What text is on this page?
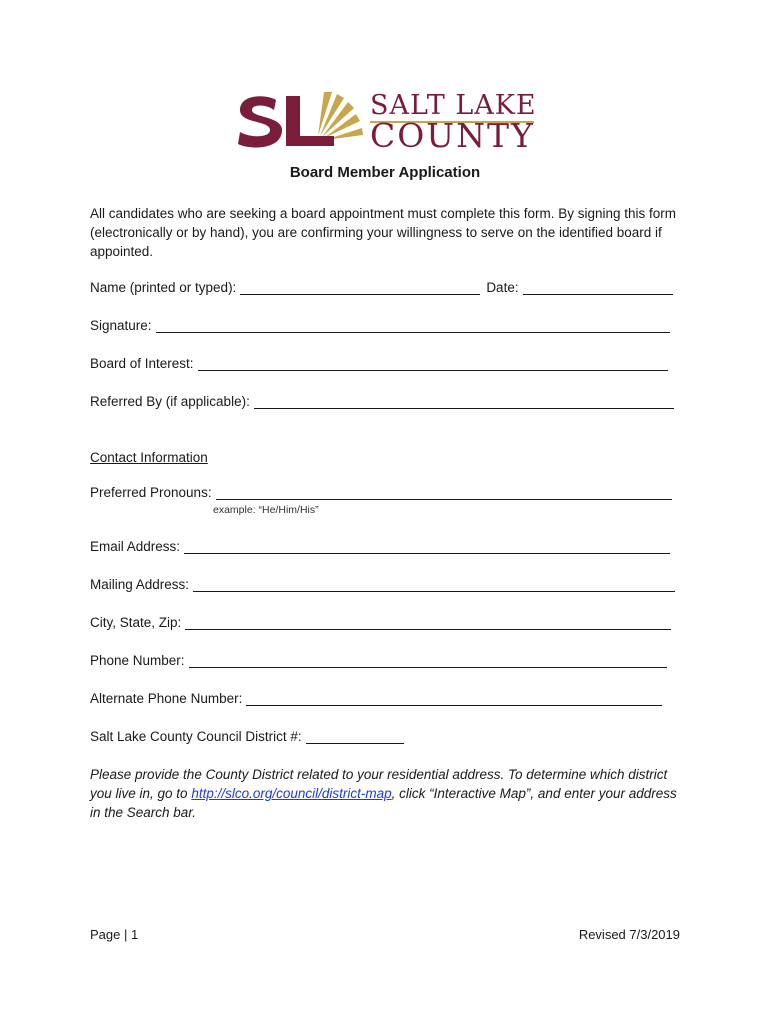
SALT LAKE
COUNTY
Board Member Application
All candidates who are seeking a board appointment must complete this form. By signing this form (electronically or by hand), you are confirming your willingness to serve on the identified board if appointed.
Name (printed or typed):	Date:
Signature:
Board of Interest:
Referred By (if applicable):
Contact Information
Preferred Pronouns:
example: “He/Him/His”
Email Address:
Mailing Address:
City, State, Zip:
Phone Number:
Alternate Phone Number:
Salt Lake County Council District #:
Please provide the County District related to your residential address. To determine which district you live in, go to http://slco.org/council/district-map, click “Interactive Map”, and enter your address in the Search bar.
Page | 1	Revised 7/3/2019
